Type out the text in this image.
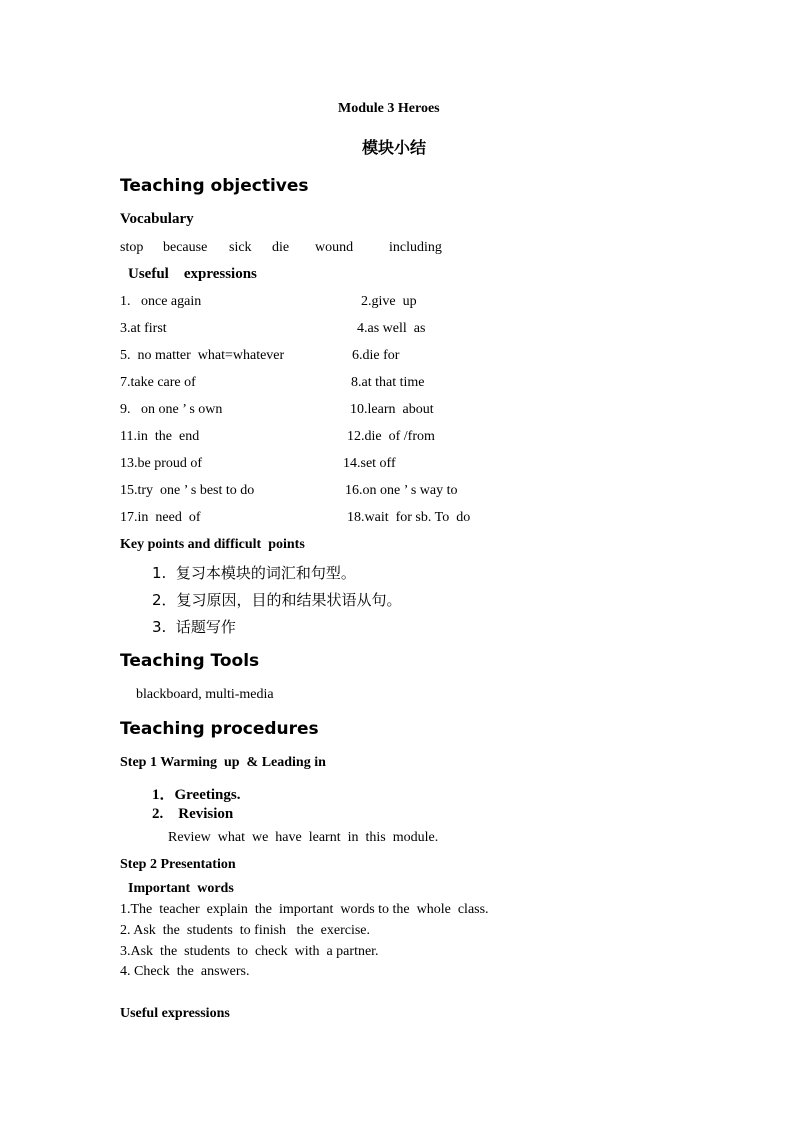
Module 3 Heroes
模块小结
Teaching objectives
Vocabulary
stop because sick die wound	including
Useful    expressions
1.   once again	2.give  up
3.at first	4.as well  as
5.  no matter  what=whatever	6.die for
7.take care of	8.at that time
9.   on one ’ s own	10.learn  about
11.in  the  end	12.die  of /from
13.be proud of	14.set off
15.try  one ’ s best to do	16.on one ’ s way to
17.in  need  of	18.wait  for sb. To  do
Key points and difficult  points
1.  复习本模块的词汇和句型。
2．复习原因，目的和结果状语从句。
3.  话题写作
Teaching Tools
blackboard, multi-media
Teaching procedures
Step 1 Warming  up  & Leading in
1．Greetings.
2.    Revision
Review  what  we  have  learnt  in  this  module.
Step 2 Presentation
Important  words
1.The  teacher  explain  the  important  words to the  whole  class.
2. Ask  the  students  to finish   the  exercise.
3.Ask  the  students  to  check  with  a partner.
4. Check  the  answers.
Useful expressions
